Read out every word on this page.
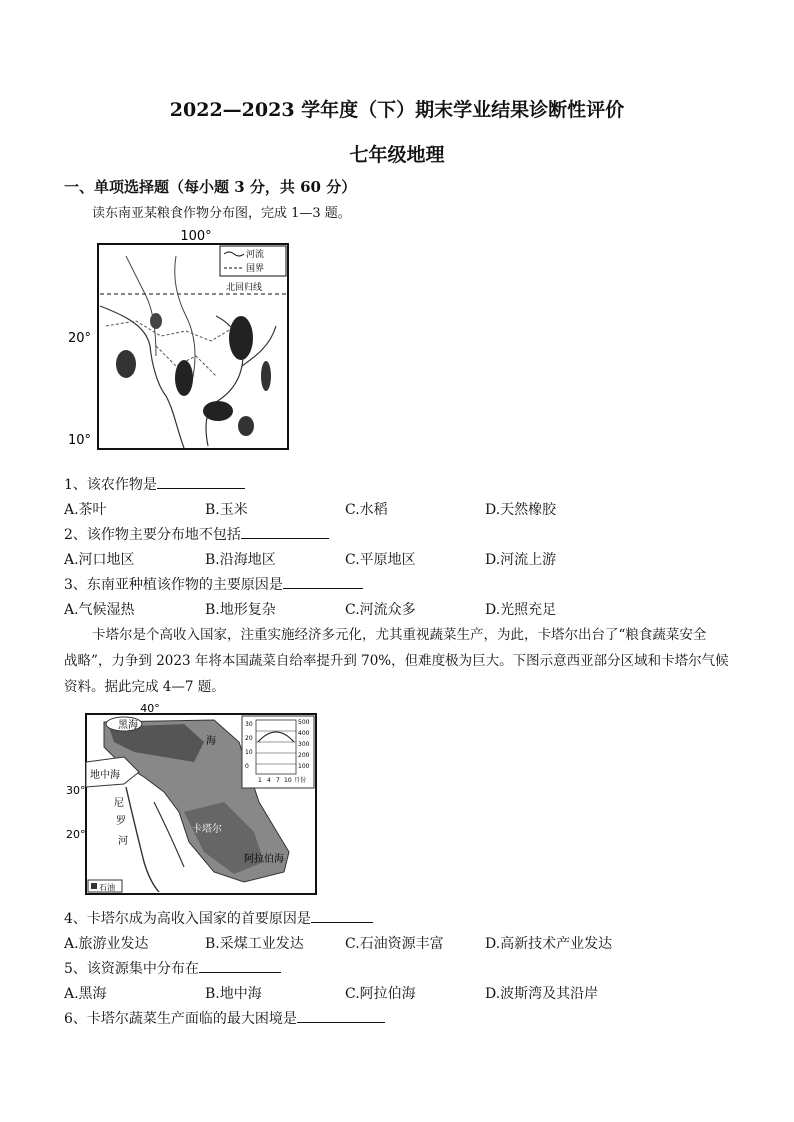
2022—2023 学年度（下）期末学业结果诊断性评价
七年级地理
一、单项选择题（每小题 3 分，共 60 分）
读东南亚某粮食作物分布图，完成 1—3 题。
100°
20°
10°
河流
国界
北回归线
1、该农作物是
A.茶叶	B.玉米	C.水稻	D.天然橡胶
2、该作物主要分布地不包括
A.河口地区	B.沿海地区	C.平原地区	D.河流上游
3、东南亚种植该作物的主要原因是
A.气候湿热	B.地形复杂	C.河流众多	D.光照充足
卡塔尔是个高收入国家，注重实施经济多元化，尤其重视蔬菜生产，为此，卡塔尔出台了“粮食蔬菜安全
战略”，力争到 2023 年将本国蔬菜自给率提升到 70%，但难度极为巨大。下图示意西亚部分区域和卡塔尔气候
资料。据此完成 4—7 题。
40°
30°
20°
黑海
地中海
海
卡塔尔
阿拉伯海
尼
罗
河
石油
30
20
10
0
500
400
300
200
100
1 4 7 10 月份
4、卡塔尔成为高收入国家的首要原因是
A.旅游业发达	B.采煤工业发达	C.石油资源丰富	D.高新技术产业发达
5、该资源集中分布在
A.黑海	B.地中海	C.阿拉伯海	D.波斯湾及其沿岸
6、卡塔尔蔬菜生产面临的最大困境是
